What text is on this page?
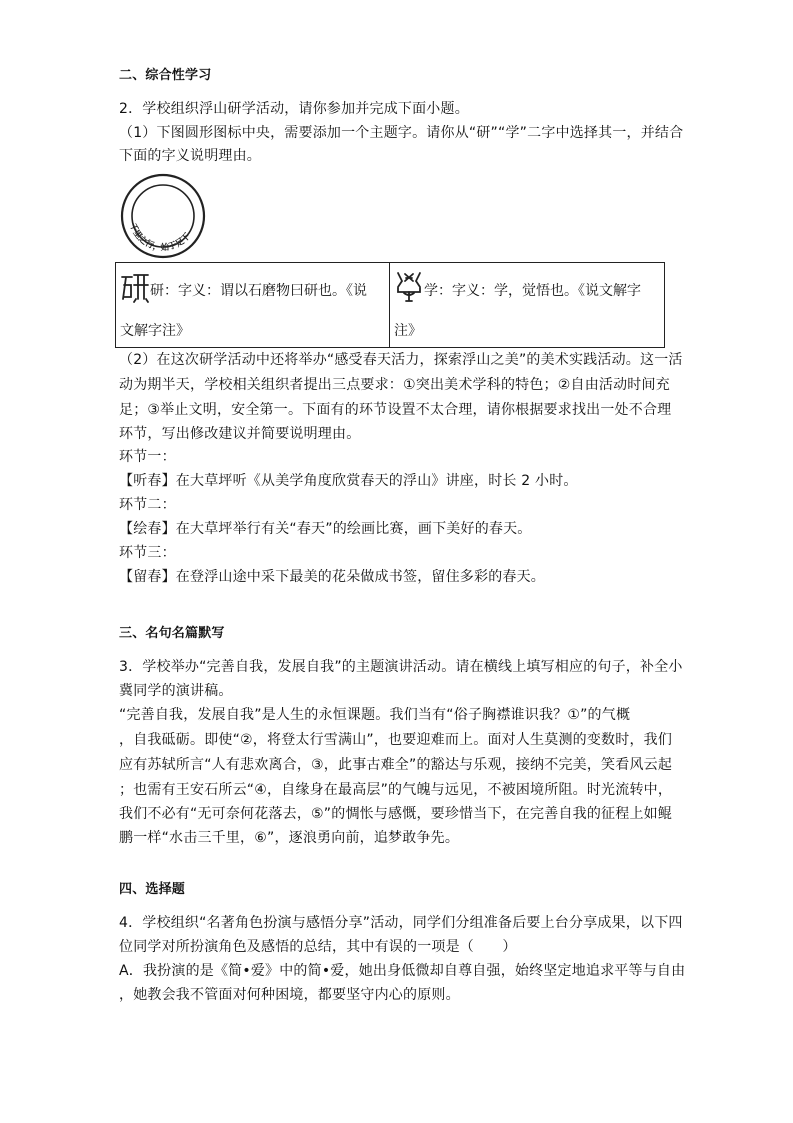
二、综合性学习
2．学校组织浮山研学活动，请你参加并完成下面小题。
（1）下图圆形图标中央，需要添加一个主题字。请你从“研”“学”二字中选择其一，并结合
下面的字义说明理由。
千里之行，始于足下
研：字义：谓以石磨物曰研也。《说
文解字注》
学：字义：学，觉悟也。《说文解字
注》
（2）在这次研学活动中还将举办“感受春天活力，探索浮山之美”的美术实践活动。这一活
动为期半天，学校相关组织者提出三点要求：①突出美术学科的特色；②自由活动时间充
足；③举止文明，安全第一。下面有的环节设置不太合理，请你根据要求找出一处不合理
环节，写出修改建议并简要说明理由。
环节一：
【听春】在大草坪听《从美学角度欣赏春天的浮山》讲座，时长 2 小时。
环节二：
【绘春】在大草坪举行有关“春天”的绘画比赛，画下美好的春天。
环节三：
【留春】在登浮山途中采下最美的花朵做成书签，留住多彩的春天。
三、名句名篇默写
3．学校举办“完善自我，发展自我”的主题演讲活动。请在横线上填写相应的句子，补全小
冀同学的演讲稿。
“完善自我，发展自我”是人生的永恒课题。我们当有“俗子胸襟谁识我？①”的气概
，自我砥砺。即使“②，将登太行雪满山”，也要迎难而上。面对人生莫测的变数时，我们
应有苏轼所言“人有悲欢离合，③，此事古难全”的豁达与乐观，接纳不完美，笑看风云起
；也需有王安石所云“④，自缘身在最高层”的气魄与远见，不被困境所阻。时光流转中，
我们不必有“无可奈何花落去，⑤”的惆怅与感慨，要珍惜当下，在完善自我的征程上如鲲
鹏一样“水击三千里，⑥”，逐浪勇向前，追梦敢争先。
四、选择题
4．学校组织“名著角色扮演与感悟分享”活动，同学们分组准备后要上台分享成果，以下四
位同学对所扮演角色及感悟的总结，其中有误的一项是（　　）
A．我扮演的是《简•爱》中的简•爱，她出身低微却自尊自强，始终坚定地追求平等与自由
，她教会我不管面对何种困境，都要坚守内心的原则。
